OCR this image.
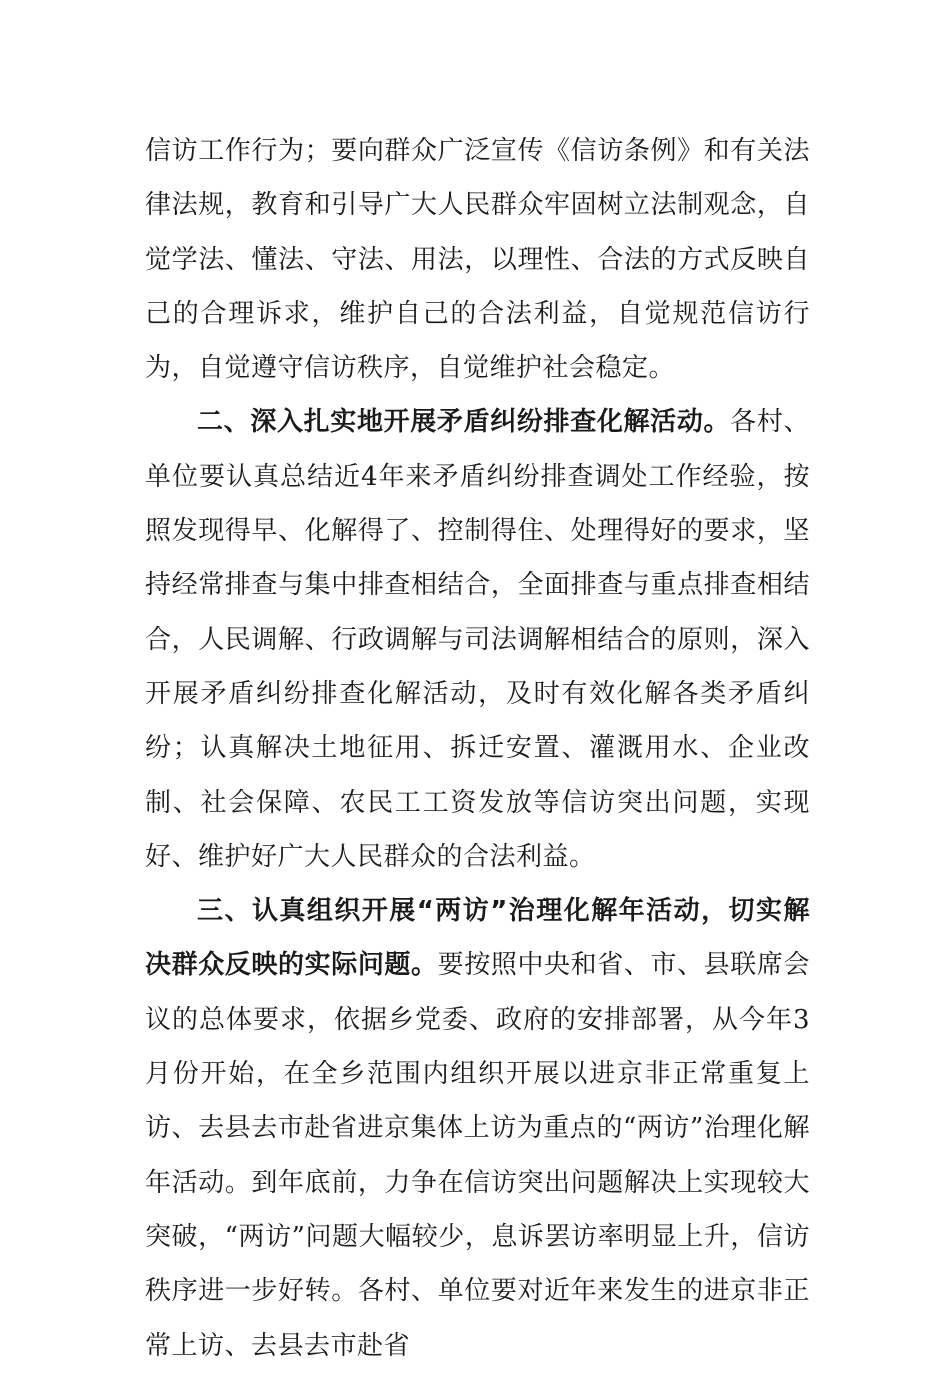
信访工作行为；要向群众广泛宣传《信访条例》和有关法律法规，教育和引导广大人民群众牢固树立法制观念，自觉学法、懂法、守法、用法，以理性、合法的方式反映自己的合理诉求，维护自己的合法利益，自觉规范信访行为，自觉遵守信访秩序，自觉维护社会稳定。

二、深入扎实地开展矛盾纠纷排查化解活动。各村、单位要认真总结近4年来矛盾纠纷排查调处工作经验，按照发现得早、化解得了、控制得住、处理得好的要求，坚持经常排查与集中排查相结合，全面排查与重点排查相结合，人民调解、行政调解与司法调解相结合的原则，深入开展矛盾纠纷排查化解活动，及时有效化解各类矛盾纠纷；认真解决土地征用、拆迁安置、灌溉用水、企业改制、社会保障、农民工工资发放等信访突出问题，实现好、维护好广大人民群众的合法利益。

三、认真组织开展“两访”治理化解年活动，切实解决群众反映的实际问题。要按照中央和省、市、县联席会议的总体要求，依据乡党委、政府的安排部署，从今年3月份开始，在全乡范围内组织开展以进京非正常重复上访、去县去市赴省进京集体上访为重点的“两访”治理化解年活动。到年底前，力争在信访突出问题解决上实现较大突破，“两访”问题大幅较少，息诉罢访率明显上升，信访秩序进一步好转。各村、单位要对近年来发生的进京非正常上访、去县去市赴省
